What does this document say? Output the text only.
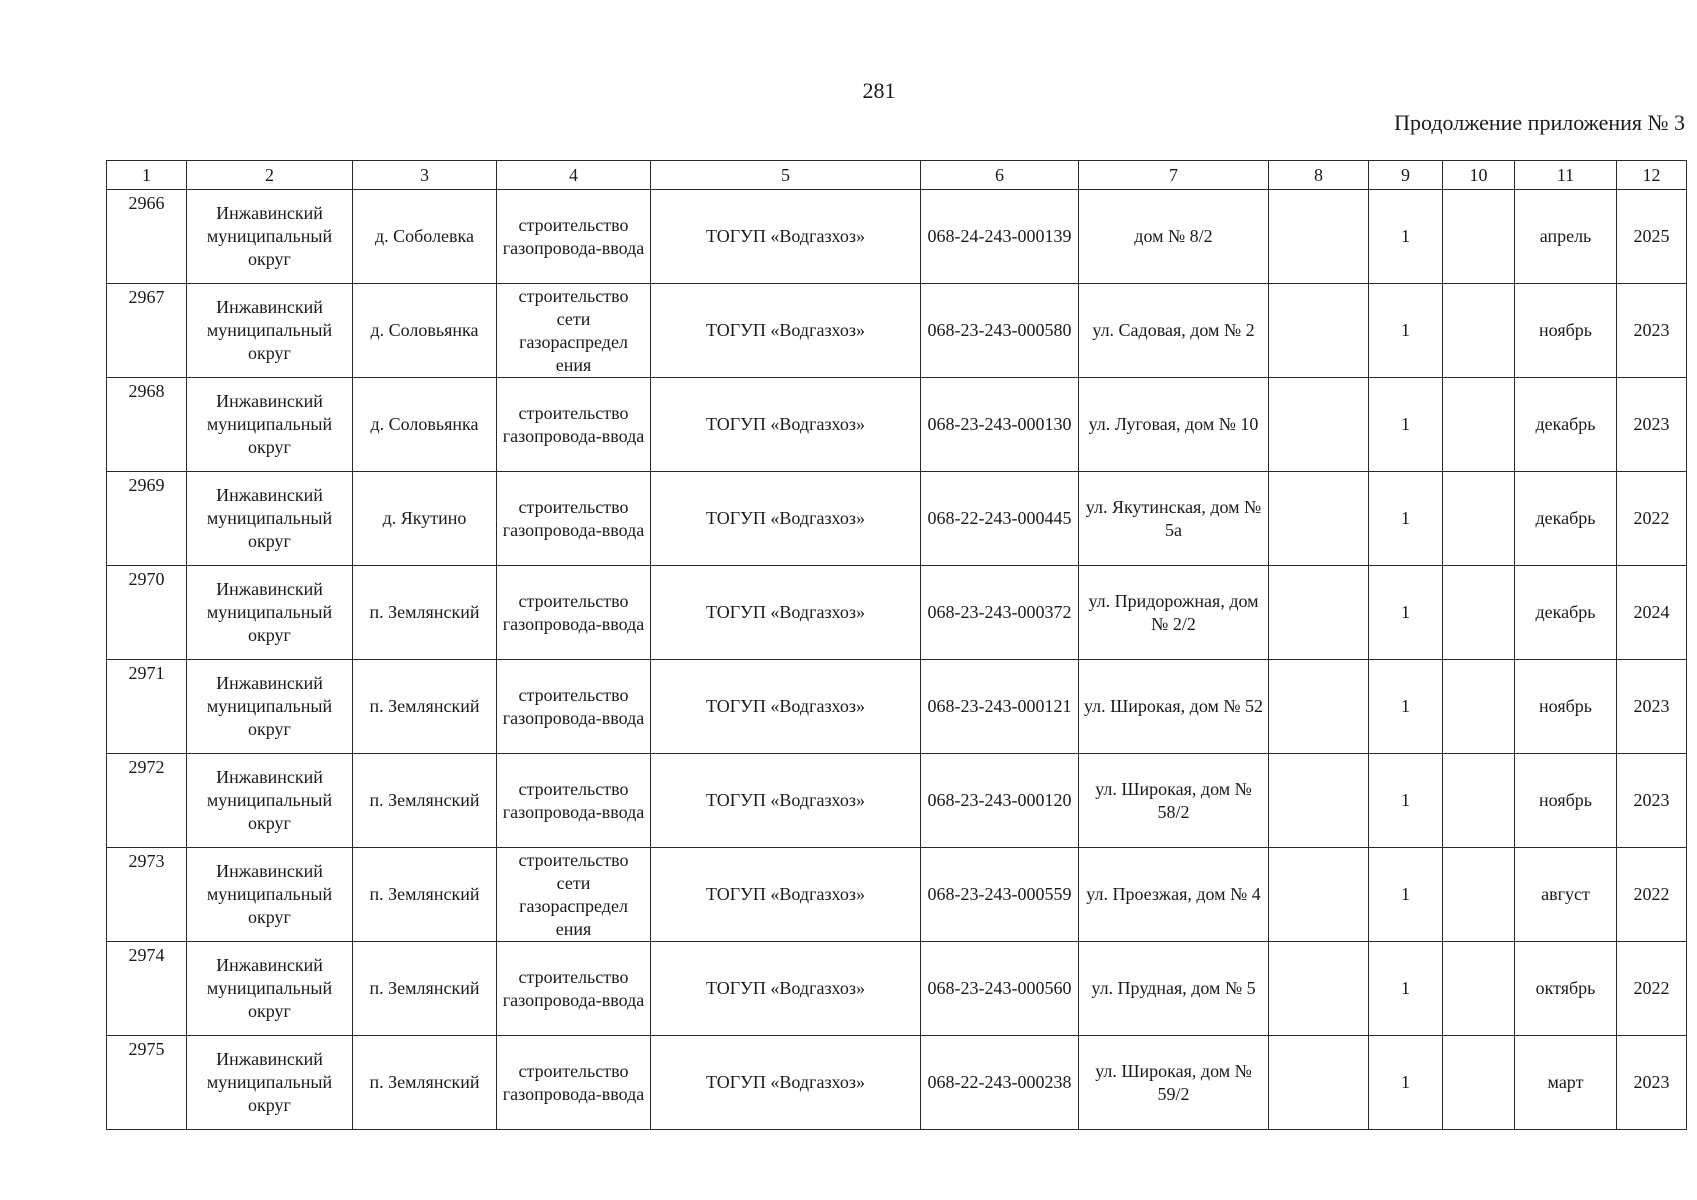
281
Продолжение приложения № 3
1	2	3	4	5	6	7	8	9	10	11	12
2966	Инжавинский муниципальный округ	д. Соболевка	строительство газопровода-ввода	ТОГУП «Водгазхоз»	068-24-243-000139	дом № 8/2		1		апрель	2025
2967	Инжавинский муниципальный округ	д. Соловьянка	строительство сети газораспредел ения	ТОГУП «Водгазхоз»	068-23-243-000580	ул. Садовая, дом № 2		1		ноябрь	2023
2968	Инжавинский муниципальный округ	д. Соловьянка	строительство газопровода-ввода	ТОГУП «Водгазхоз»	068-23-243-000130	ул. Луговая, дом № 10		1		декабрь	2023
2969	Инжавинский муниципальный округ	д. Якутино	строительство газопровода-ввода	ТОГУП «Водгазхоз»	068-22-243-000445	ул. Якутинская, дом № 5а		1		декабрь	2022
2970	Инжавинский муниципальный округ	п. Землянский	строительство газопровода-ввода	ТОГУП «Водгазхоз»	068-23-243-000372	ул. Придорожная, дом № 2/2		1		декабрь	2024
2971	Инжавинский муниципальный округ	п. Землянский	строительство газопровода-ввода	ТОГУП «Водгазхоз»	068-23-243-000121	ул. Широкая, дом № 52		1		ноябрь	2023
2972	Инжавинский муниципальный округ	п. Землянский	строительство газопровода-ввода	ТОГУП «Водгазхоз»	068-23-243-000120	ул. Широкая, дом № 58/2		1		ноябрь	2023
2973	Инжавинский муниципальный округ	п. Землянский	строительство сети газораспредел ения	ТОГУП «Водгазхоз»	068-23-243-000559	ул. Проезжая, дом № 4		1		август	2022
2974	Инжавинский муниципальный округ	п. Землянский	строительство газопровода-ввода	ТОГУП «Водгазхоз»	068-23-243-000560	ул. Прудная, дом № 5		1		октябрь	2022
2975	Инжавинский муниципальный округ	п. Землянский	строительство газопровода-ввода	ТОГУП «Водгазхоз»	068-22-243-000238	ул. Широкая, дом № 59/2		1		март	2023
